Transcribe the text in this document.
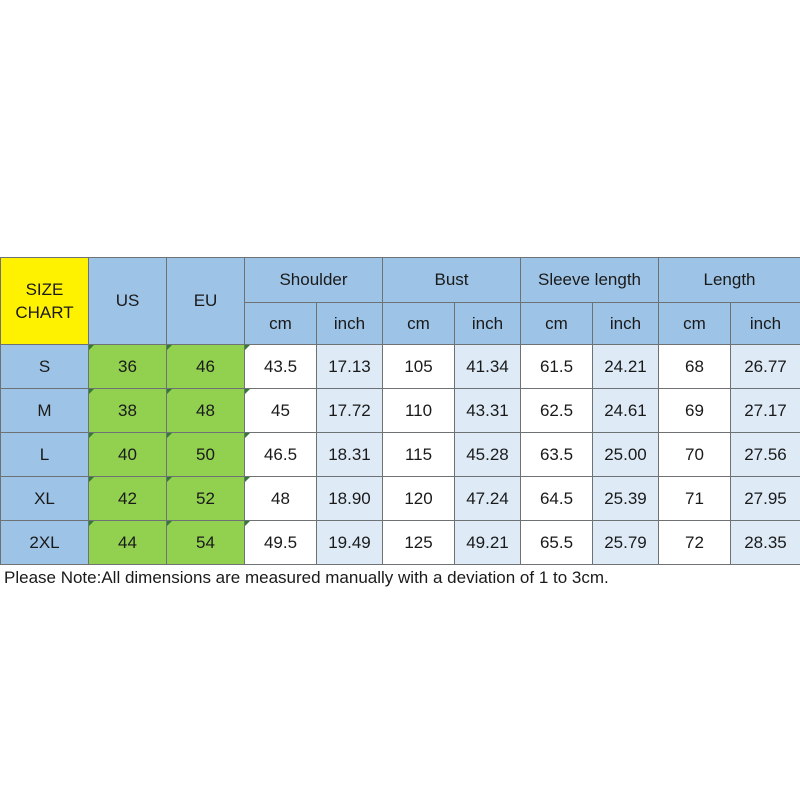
SIZE CHART	US	EU	Shoulder		Bust		Sleeve length		Length	
			cm	inch	cm	inch	cm	inch	cm	inch
S	36	46	43.5	17.13	105	41.34	61.5	24.21	68	26.77
M	38	48	45	17.72	110	43.31	62.5	24.61	69	27.17
L	40	50	46.5	18.31	115	45.28	63.5	25.00	70	27.56
XL	42	52	48	18.90	120	47.24	64.5	25.39	71	27.95
2XL	44	54	49.5	19.49	125	49.21	65.5	25.79	72	28.35
Please Note:All dimensions are measured manually with a deviation of 1 to 3cm.
